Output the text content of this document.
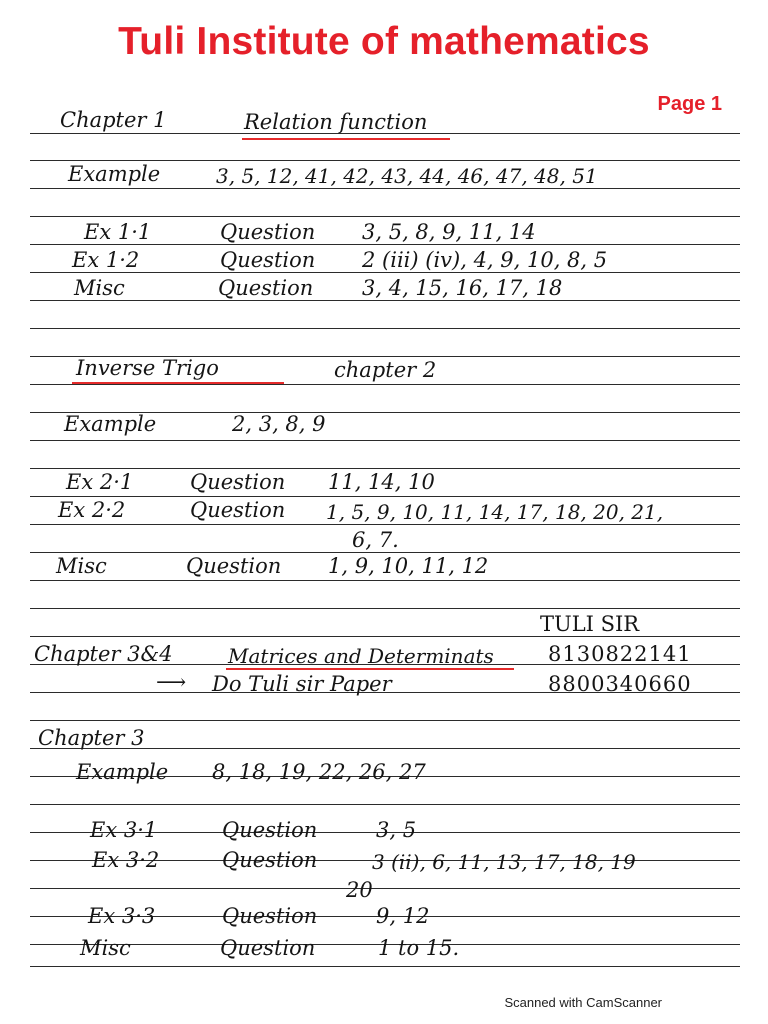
Tuli Institute of mathematics
Page 1
Chapter 1	Relation function
Example	3, 5, 12, 41, 42, 43, 44, 46, 47, 48, 51
Ex 1·1	Question 3, 5, 8, 9, 11, 14
Ex 1·2	Question 2 (iii) (iv), 4, 9, 10, 8, 5
Misc	Question 3, 4, 15, 16, 17, 18
Inverse Trigo	chapter 2
Example	2, 3, 8, 9
Ex 2·1	Question 11, 14, 10
Ex 2·2	Question 1, 5, 9, 10, 11, 14, 17, 18, 20, 21,
6, 7.
Misc	Question 1, 9, 10, 11, 12
TULI SIR
8130822141
8800340660
Chapter 3&4	Matrices and Determinats
⟶ Do Tuli sir Paper
Chapter 3
Example 8, 18, 19, 22, 26, 27
Ex 3·1	Question	3, 5
Ex 3·2	Question	3 (ii), 6, 11, 13, 17, 18, 19
20
Ex 3·3	Question	9, 12
Misc	Question	1 to 15.
Scanned with CamScanner
